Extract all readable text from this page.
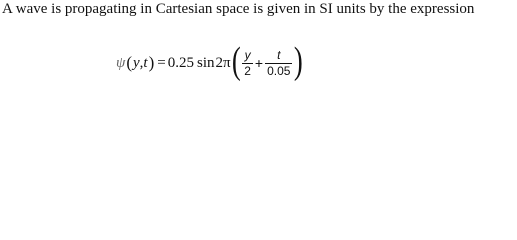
A wave is propagating in Cartesian space is given in SI units by the expression
ψ ( y , t ) = 0.25 sin 2π ( $\frac{y}{2} + \frac{t}{0.05}$ )
